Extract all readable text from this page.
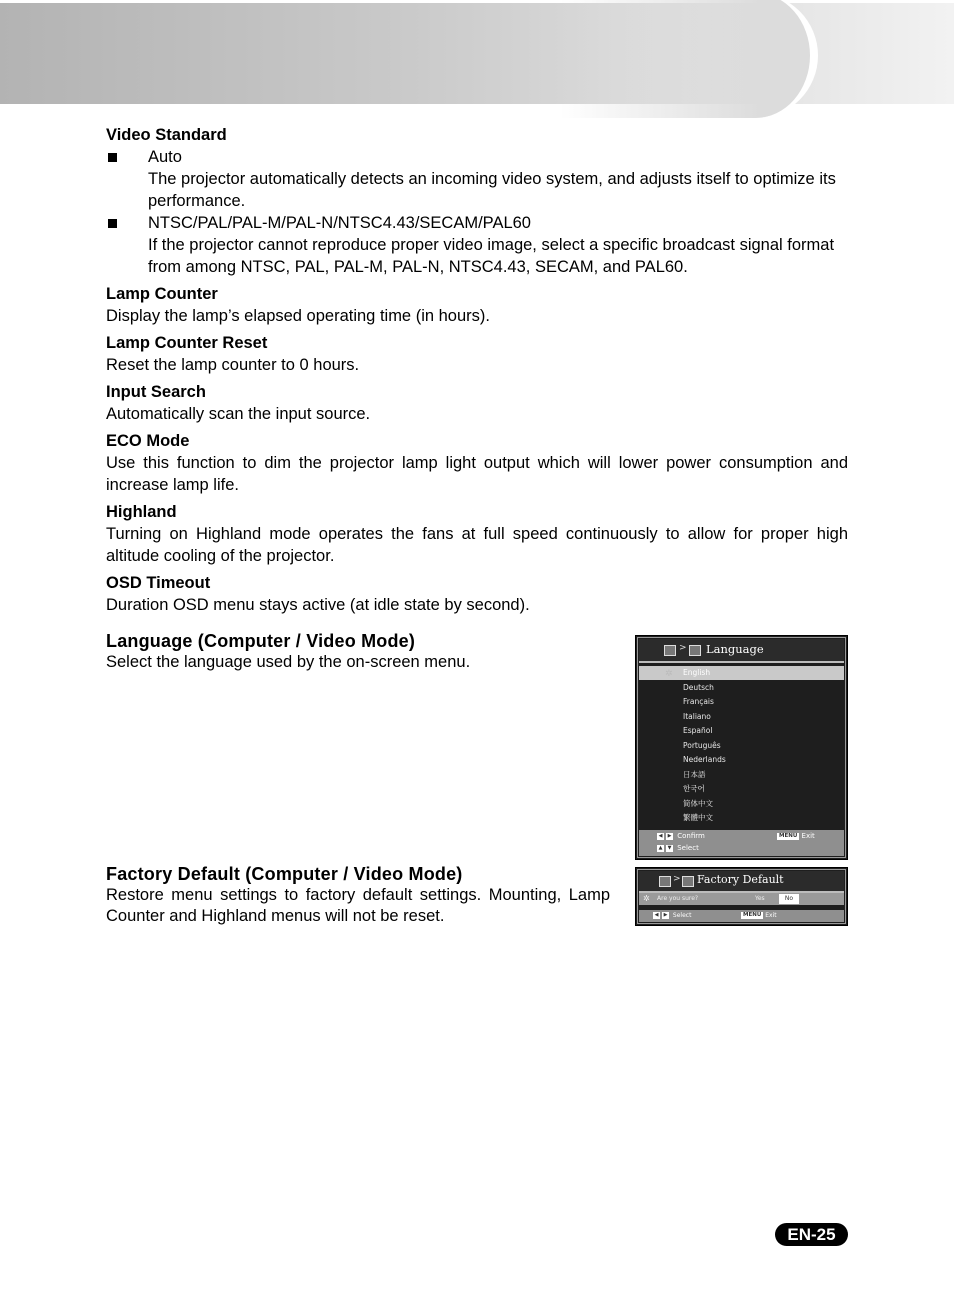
Video Standard

Auto

The projector automatically detects an incoming video system, and adjusts itself to optimize its performance.

NTSC/PAL/PAL-M/PAL-N/NTSC4.43/SECAM/PAL60

If the projector cannot reproduce proper video image, select a specific broadcast signal format from among NTSC, PAL, PAL-M, PAL-N, NTSC4.43, SECAM, and PAL60.

Lamp Counter

Display the lamp’s elapsed operating time (in hours).

Lamp Counter Reset

Reset the lamp counter to 0 hours.

Input Search

Automatically scan the input source.

ECO Mode

Use this function to dim the projector lamp light output which will lower power consumption and increase lamp life.

Highland

Turning on Highland mode operates the fans at full speed continuously to allow for proper high altitude cooling of the projector.

OSD Timeout

Duration OSD menu stays active (at idle state by second).

Language (Computer / Video Mode)

Select the language used by the on-screen menu.

Factory Default (Computer / Video Mode)

Restore menu settings to factory default settings. Mounting, Lamp Counter and Highland menus will not be reset.

> Language
✲ English
Deutsch
Français
Italiano
Español
Português
Nederlands
日本語
한국어
简体中文
繁體中文
◀ ▶ Confirm
▲ ▼ Select
MENU Exit
> Factory Default
✲ Are you sure?	Yes	No
◀ ▶ Select	MENU Exit
EN-25
